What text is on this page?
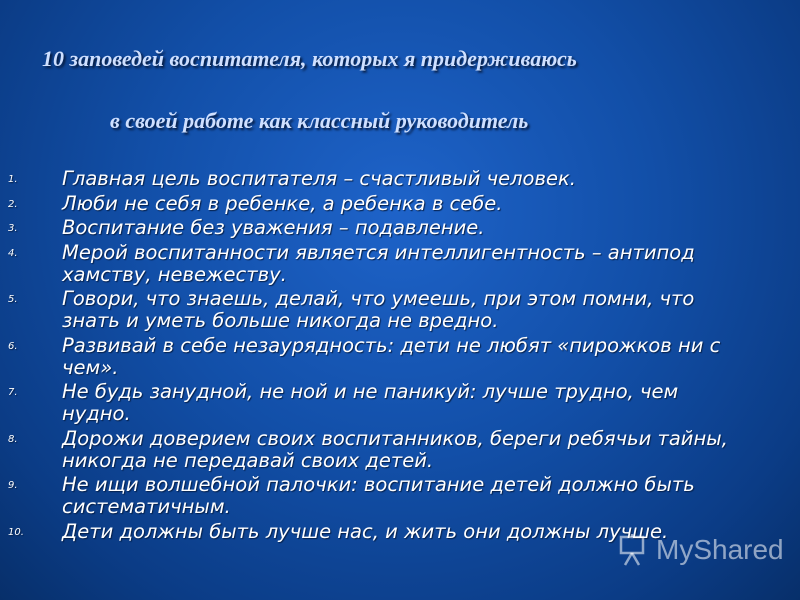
10 заповедей воспитателя, которых я придерживаюсь
в своей работе как классный руководитель
1. Главная цель воспитателя – счастливый человек.
2. Люби не себя в ребенке, а ребенка в себе.
3. Воспитание без уважения – подавление.
4. Мерой воспитанности является интеллигентность – антипод хамству, невежеству.
5. Говори, что знаешь, делай, что умеешь, при этом помни, что знать и уметь больше никогда не вредно.
6. Развивай в себе незаурядность: дети не любят «пирожков ни с чем».
7. Не будь занудной, не ной и не паникуй: лучше трудно, чем нудно.
8. Дорожи доверием своих воспитанников, береги ребячьи тайны, никогда не передавай своих детей.
9. Не ищи волшебной палочки: воспитание детей должно быть систематичным.
10. Дети должны быть лучше нас, и жить они должны лучше.
MyShared
